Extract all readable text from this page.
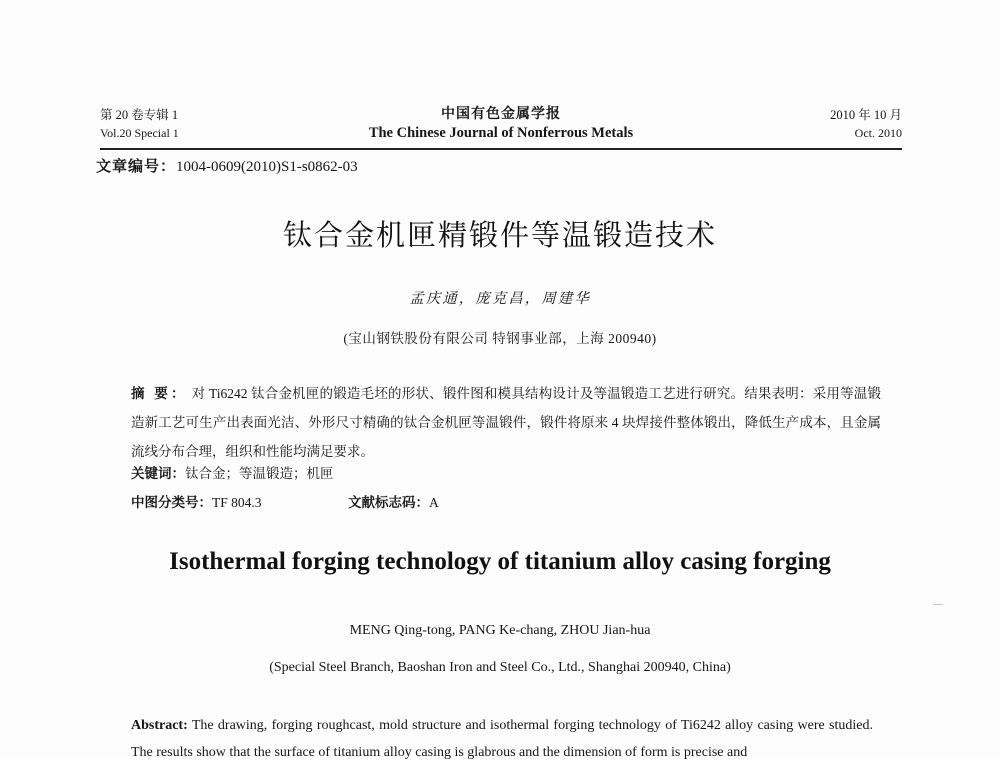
第 20 卷专辑 1
Vol.20 Special 1
中国有色金属学报
The Chinese Journal of Nonferrous Metals
2010 年 10 月
Oct. 2010
文章编号：1004-0609(2010)S1-s0862-03
钛合金机匣精锻件等温锻造技术
孟庆通，庞克昌，周建华
(宝山钢铁股份有限公司 特钢事业部，上海 200940)
摘 要： 对 Ti6242 钛合金机匣的锻造毛坯的形状、锻件图和模具结构设计及等温锻造工艺进行研究。结果表明：采用等温锻造新工艺可生产出表面光洁、外形尺寸精确的钛合金机匣等温锻件，锻件将原来 4 块焊接件整体锻出，降低生产成本，且金属流线分布合理，组织和性能均满足要求。
关键词：钛合金；等温锻造；机匣
中图分类号：TF 804.3	文献标志码：A
Isothermal forging technology of titanium alloy casing forging
MENG Qing-tong, PANG Ke-chang, ZHOU Jian-hua
(Special Steel Branch, Baoshan Iron and Steel Co., Ltd., Shanghai 200940, China)
Abstract: The drawing, forging roughcast, mold structure and isothermal forging technology of Ti6242 alloy casing were studied. The results show that the surface of titanium alloy casing is glabrous and the dimension of form is precise and
